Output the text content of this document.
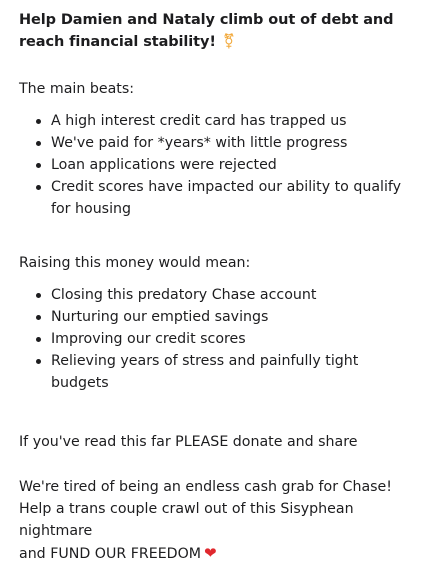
Help Damien and Nataly climb out of debt and reach financial stability! ⚧

The main beats:

A high interest credit card has trapped us
We've paid for *years* with little progress
Loan applications were rejected
Credit scores have impacted our ability to qualify for housing

Raising this money would mean:

Closing this predatory Chase account
Nurturing our emptied savings
Improving our credit scores
Relieving years of stress and painfully tight budgets

If you've read this far PLEASE donate and share

We're tired of being an endless cash grab for Chase!
Help a trans couple crawl out of this Sisyphean nightmare
and FUND OUR FREEDOM ❤
